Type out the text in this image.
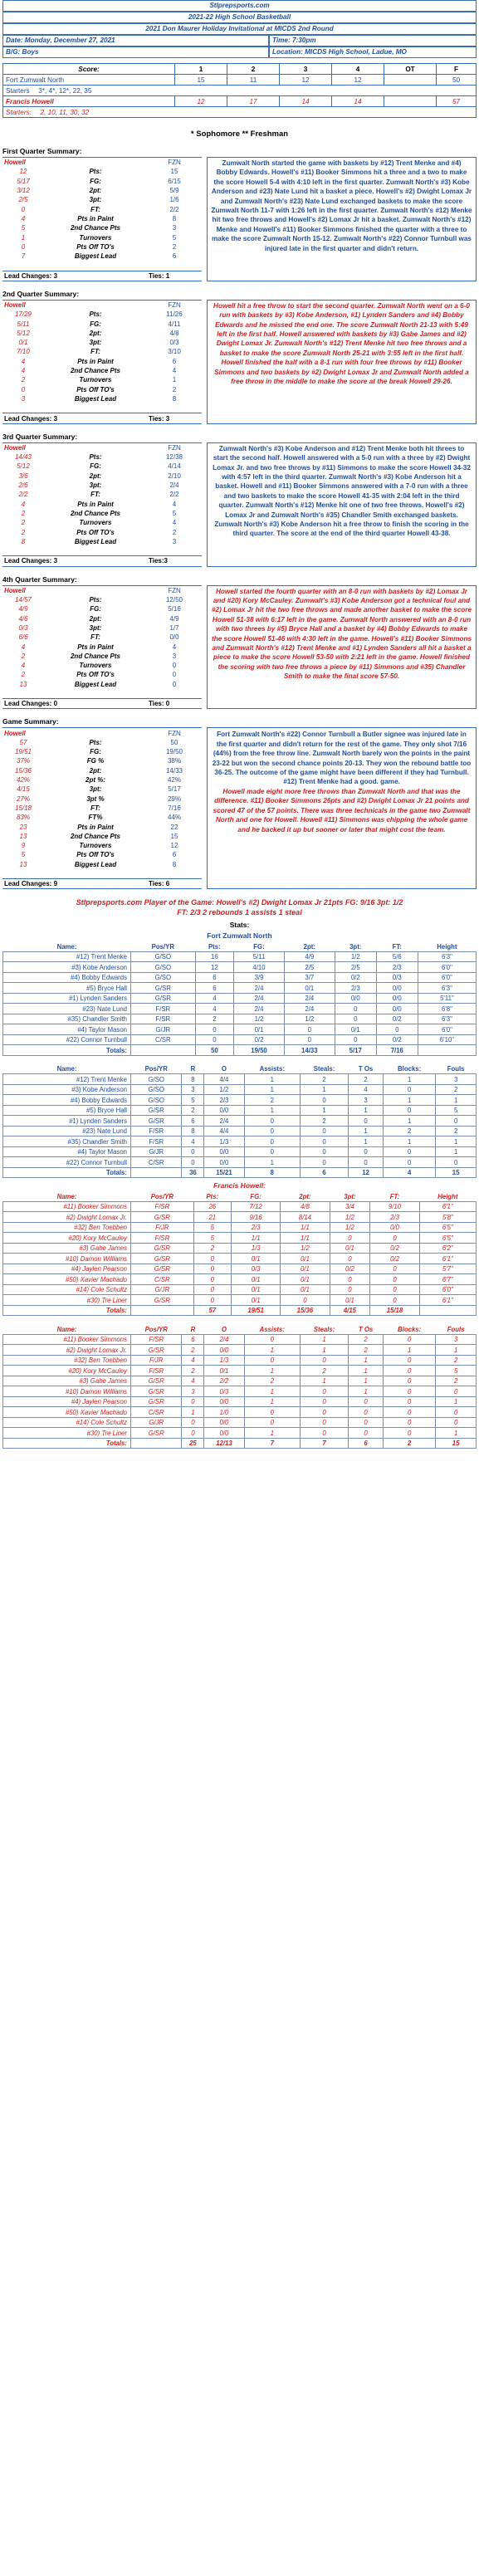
Stlprepsports.com
2021-22 High School Basketball
2021 Don Maurer Holiday Invitational at MICDS 2nd Round
Date: Monday, December 27, 2021	Time: 7:30pm
B/G: Boys	Location: MICDS High School, Ladue, MO
Score:	1	2	3	4	OT	F
Fort Zumwalt North	15	11	12	12		50
Starters 3*, 4*, 12*, 22, 35						
Francis Howell	12	17	14	14		57
Starters: 2, 10, 11, 30, 32						
* Sophomore ** Freshman
First Quarter Summary:
Howell		FZN
12	Pts:	15
5/17	FG:	6/15
3/12	2pt:	5/9
2/5	3pt:	1/6
0	FT:	2/2
4	Pts in Paint	8
5	2nd Chance Pts	3
1	Turnovers	5
0	Pts Off TO's	2
7	Biggest Lead	6

Lead Changes: 3		Ties: 1
Zumwalt North started the game with baskets by #12) Trent Menke and #4) Bobby Edwards. Howell's #11) Booker Simmons hit a three and a two to make the score Howell 5-4 with 4:10 left in the first quarter. Zumwalt North's #3) Kobe Anderson and #23) Nate Lund hit a basket a piece. Howell's #2) Dwight Lomax Jr and Zumwalt North's #23) Nate Lund exchanged baskets to make the score Zumwalt North 11-7 with 1:26 left in the first quarter. Zumwalt North's #12) Menke hit two free throws and Howell's #2) Lomax Jr hit a basket. Zumwalt North's #12) Menke and Howell's #11) Booker Simmons finished the quarter with a three to make the score Zumwalt North 15-12. Zumwalt North's #22) Connor Turnbull was injured late in the first quarter and didn't return.
2nd Quarter Summary:
Howell		FZN
17/29	Pts:	11/26
5/11	FG:	4/11
5/12	2pt:	4/8
0/1	3pt:	0/3
7/10	FT:	3/10
4	Pts in Paint	6
4	2nd Chance Pts	4
2	Turnovers	1
0	Pts Off TO's	2
3	Biggest Lead	8

Lead Changes: 3		Ties: 3
Howell hit a free throw to start the second quarter. Zumwalt North went on a 6-0 run with baskets by #3) Kobe Anderson, #1) Lynden Sanders and #4) Bobby Edwards and he missed the end one. The score Zumwalt North 21-13 with 5:49 left in the first half. Howell answered with baskets by #3) Gabe James and #2) Dwight Lomax Jr. Zumwalt North's #12) Trent Menke hit two free throws and a basket to make the score Zumwalt North 25-21 with 3:55 left in the first half. Howell finished the half with a 8-1 run with four free throws by #11) Booker Simmons and two baskets by #2) Dwight Lomax Jr and Zumwalt North added a free throw in the middle to make the score at the break Howell 29-26.
3rd Quarter Summary:
Howell		FZN
14/43	Pts:	12/38
5/12	FG:	4/14
3/6	2pt:	2/10
2/6	3pt:	2/4
2/2	FT:	2/2
4	Pts in Paint	4
2	2nd Chance Pts	5
2	Turnovers	4
2	Pts Off TO's	2
8	Biggest Lead	3

Lead Changes: 3		Ties:3
Zumwalt North's #3) Kobe Anderson and #12) Trent Menke both hit threes to start the second half. Howell answered with a 5-0 run with a three by #2) Dwight Lomax Jr. and two free throws by #11) Simmons to make the score Howell 34-32 with 4:57 left in the third quarter. Zumwalt North's #3) Kobe Anderson hit a basket. Howell and #11) Booker Simmons answered with a 7-0 run with a three and two baskets to make the score Howell 41-35 with 2:04 left in the third quarter. Zumwalt North's #12) Menke hit one of two free throws. Howell's #2) Lomax Jr and Zumwalt North's #35) Chandler Smith exchanged baskets. Zumwalt North's #3) Kobe Anderson hit a free throw to finish the scoring in the third quarter. The score at the end of the third quarter Howell 43-38.
4th Quarter Summary:
Howell		FZN
14/57	Pts:	12/50
4/9	FG:	5/16
4/6	2pt:	4/9
0/3	3pt:	1/7
6/6	FT:	0/0
4	Pts in Paint	4
2	2nd Chance Pts	3
4	Turnovers	0
2	Pts Off TO's	0
13	Biggest Lead	0

Lead Changes: 0		Ties: 0
Howell started the fourth quarter with an 8-0 run with baskets by #2) Lomax Jr and #20) Kory McCauley. Zumwalt's #3) Kobe Anderson got a technical foul and #2) Lomax Jr hit the two free throws and made another basket to make the score Howell 51-38 with 6:17 left in the game. Zumwalt North answered with an 8-0 run with two threes by #5) Bryce Hall and a basket by #4) Bobby Edwards to make the score Howell 51-46 with 4:30 left in the game. Howell's #11) Booker Simmons and Zumwalt North's #12) Trent Menke and #1) Lynden Sanders all hit a basket a piece to make the score Howell 53-50 with 2:21 left in the game. Howell finished the scoring with two free throws a piece by #11) Simmons and #35) Chandler Smith to make the final score 57-50.
Game Summary:
Howell		FZN
57	Pts:	50
19/51	FG:	19/50
37%	FG %	38%
15/36	2pt:	14/33
42%	2pt %:	42%
4/15	3pt:	5/17
27%	3pt %	29%
15/18	FT:	7/16
83%	FT%	44%
23	Pts in Paint	22
13	2nd Chance Pts	15
9	Turnovers	12
5	Pts Off TO's	6
13	Biggest Lead	8

Lead Changes: 9		Ties: 6
Fort Zumwalt North's #22) Connor Turnbull a Butler signee was injured late in the first quarter and didn't return for the rest of the game. They only shot 7/16 (44%) from the free throw line. Zumwalt North barely won the points in the paint 23-22 but won the second chance points 20-13. They won the rebound battle too 36-25. The outcome of the game might have been different if they had Turnbull. #12) Trent Menke had a good. game.
Howell made eight more free throws than Zumwalt North and that was the difference. #11) Booker Simmons 26pts and #2) Dwight Lomax Jr 21 points and scored 47 of the 57 points. There was three technicals in the game two Zumwalt North and one for Howell. Howell #11) Simmons was chipping the whole game and he backed it up but sooner or later that might cost the team.
Stlprepsports.com Player of the Game: Howell's #2) Dwight Lomax Jr 21pts FG: 9/16 3pt: 1/2
FT: 2/3 2 rebounds 1 assists 1 steal
Stats:
Fort Zumwalt North
Name:	Pos/YR	Pts:	FG:	2pt:	3pt:	FT:	Height
#12) Trent Menke	G/SO	16	5/11	4/9	1/2	5/6	6'3"
#3) Kobe Anderson	G/SO	12	4/10	2/5	2/5	2/3	6'0"
#4) Bobby Edwards	G/SO	6	3/9	3/7	0/2	0/3	6'0"
#5) Bryce Hall	G/SR	6	2/4	0/1	2/3	0/0	6'3"
#1) Lynden Sanders	G/SR	4	2/4	2/4	0/0	0/0	5'11"
#23) Nate Lund	F/SR	4	2/4	2/4	0	0/0	6'8"
#35) Chandler Smith	F/SR	2	1/2	1/2	0	0/2	6'3"
#4) Taylor Mason	G/JR	0	0/1	0	0/1	0	6'0"
#22) Connor Turnbull	C/SR	0	0/2	0	0	0/2	6'10"
Totals:		50	19/50	14/33	5/17	7/16	
Name:	Pos/YR	R	O	Assists:	Steals:	T Os	Blocks:	Fouls
#12) Trent Menke	G/SO	8	4/4	1	2	2	1	3
#3) Kobe Anderson	G/SO	3	1/2	1	1	4	0	2
#4) Bobby Edwards	G/SO	5	2/3	2	0	3	1	1
#5) Bryce Hall	G/SR	2	0/0	1	1	1	0	5
#1) Lynden Sanders	G/SR	6	2/4	0	2	0	1	0
#23) Nate Lund	F/SR	8	4/4	0	0	1	2	2
#35) Chandler Smith	F/SR	4	1/3	0	0	1	1	1
#4) Taylor Mason	G/JR	0	0/0	0	0	0	0	1
#22) Connor Turnbull	C/SR	0	0/0	1	0	0	0	0
Totals:		36	15/21	8	6	12	4	15
Francis Howell:
Name:	Pos/YR	Pts:	FG:	2pt:	3pt:	FT:	Height
#11) Booker Simmons	F/SR	26	7/12	4/8	3/4	9/10	6'1"
#2) Dwight Lomax Jr.	G/SR	21	9/16	8/14	1/2	2/3	5'8"
#32) Ben Toebben	F/JR	5	2/3	1/1	1/2	0/0	6'5"
#20) Kory McCauley	F/SR	5	1/1	1/1	0	0	6'5"
#3) Gabe James	G/SR	2	1/3	1/2	0/1	0/2	6'2"
#10) Damon Williams	G/SR	0	0/1	0/1	0	0/2	6'1"
#4) Jaylen Pearson	G/SR	0	0/3	0/1	0/2	0	5'7"
#50) Xavier Machado	C/SR	0	0/1	0/1	0	0	6'7"
#14) Cole Schultz	G/JR	0	0/1	0/1	0	0	6'0"
#30) Tre Liner	G/SR	0	0/1	0	0/1	0	6'1"
Totals:		57	19/51	15/36	4/15	15/18	
Name:	Pos/YR	R	O	Assists:	Steals:	T Os	Blocks:	Fouls
#11) Booker Simmons	F/SR	6	2/4	0	1	2	0	3
#2) Dwight Lomax Jr.	G/SR	2	0/0	1	1	2	1	1
#32) Ben Toebben	F/JR	4	1/3	0	0	1	0	2
#20) Kory McCauley	F/SR	2	0/1	1	2	1	0	5
#3) Gabe James	G/SR	4	2/2	2	1	1	0	2
#10) Damon Williams	G/SR	3	0/3	1	0	1	0	0
#4) Jaylen Pearson	G/SR	0	0/0	1	0	0	0	1
#50) Xavier Machado	C/SR	1	1/0	0	0	0	0	0
#14) Cole Schultz	G/JR	0	0/0	0	0	0	0	0
#30) Tre Liner	G/SR	0	0/0	1	0	0	0	1
Totals:		25	12/13	7	7	6	2	15
